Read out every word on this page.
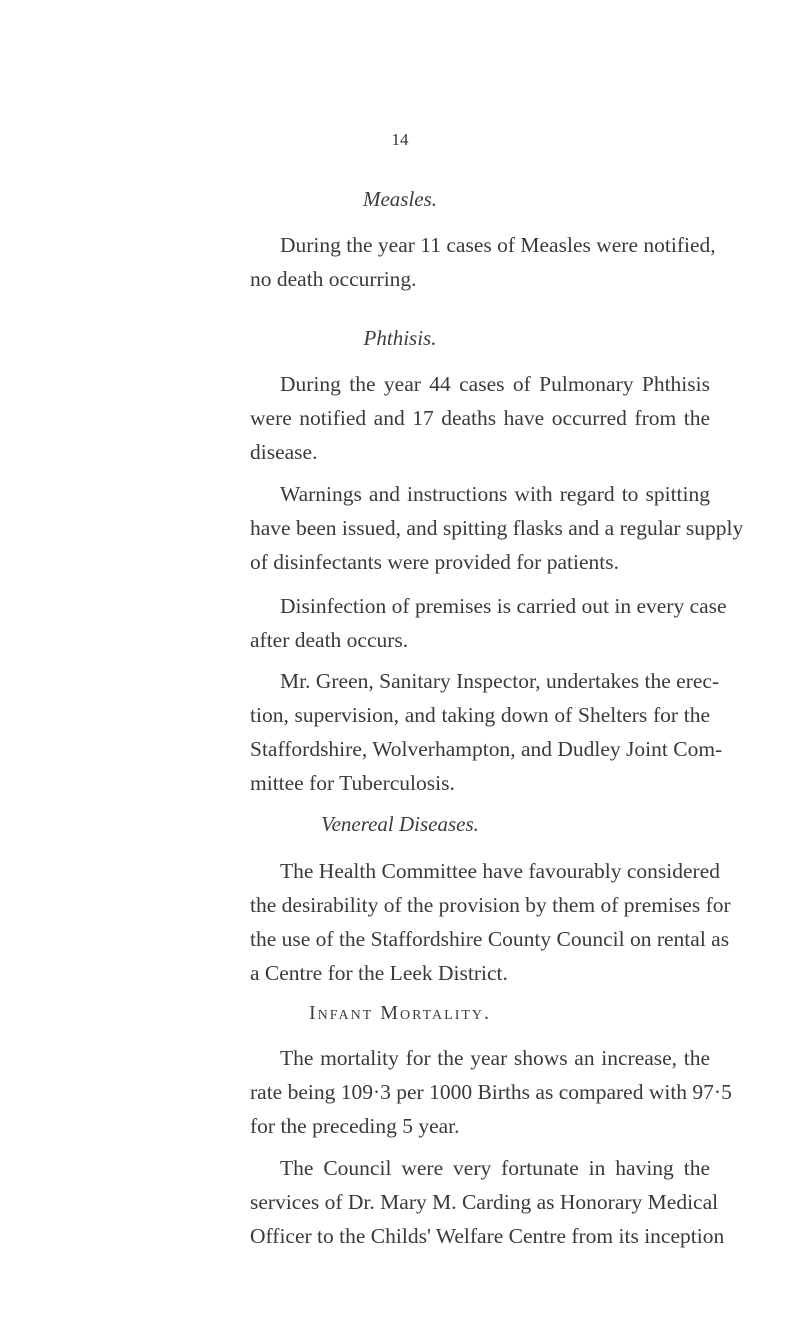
14
Measles.
During the year 11 cases of Measles were notified,
no death occurring.
Phthisis.
During the year 44 cases of Pulmonary Phthisis
were notified and 17 deaths have occurred from the
disease.
Warnings and instructions with regard to spitting
have been issued, and spitting flasks and a regular supply
of disinfectants were provided for patients.
Disinfection of premises is carried out in every case
after death occurs.
Mr. Green, Sanitary Inspector, undertakes the erec-
tion, supervision, and taking down of Shelters for the
Staffordshire, Wolverhampton, and Dudley Joint Com-
mittee for Tuberculosis.
Venereal Diseases.
The Health Committee have favourably considered
the desirability of the provision by them of premises for
the use of the Staffordshire County Council on rental as
a Centre for the Leek District.
Infant Mortality.
The mortality for the year shows an increase, the
rate being 109·3 per 1000 Births as compared with 97·5
for the preceding 5 year.
The Council were very fortunate in having the
services of Dr. Mary M. Carding as Honorary Medical
Officer to the Childs' Welfare Centre from its inception
